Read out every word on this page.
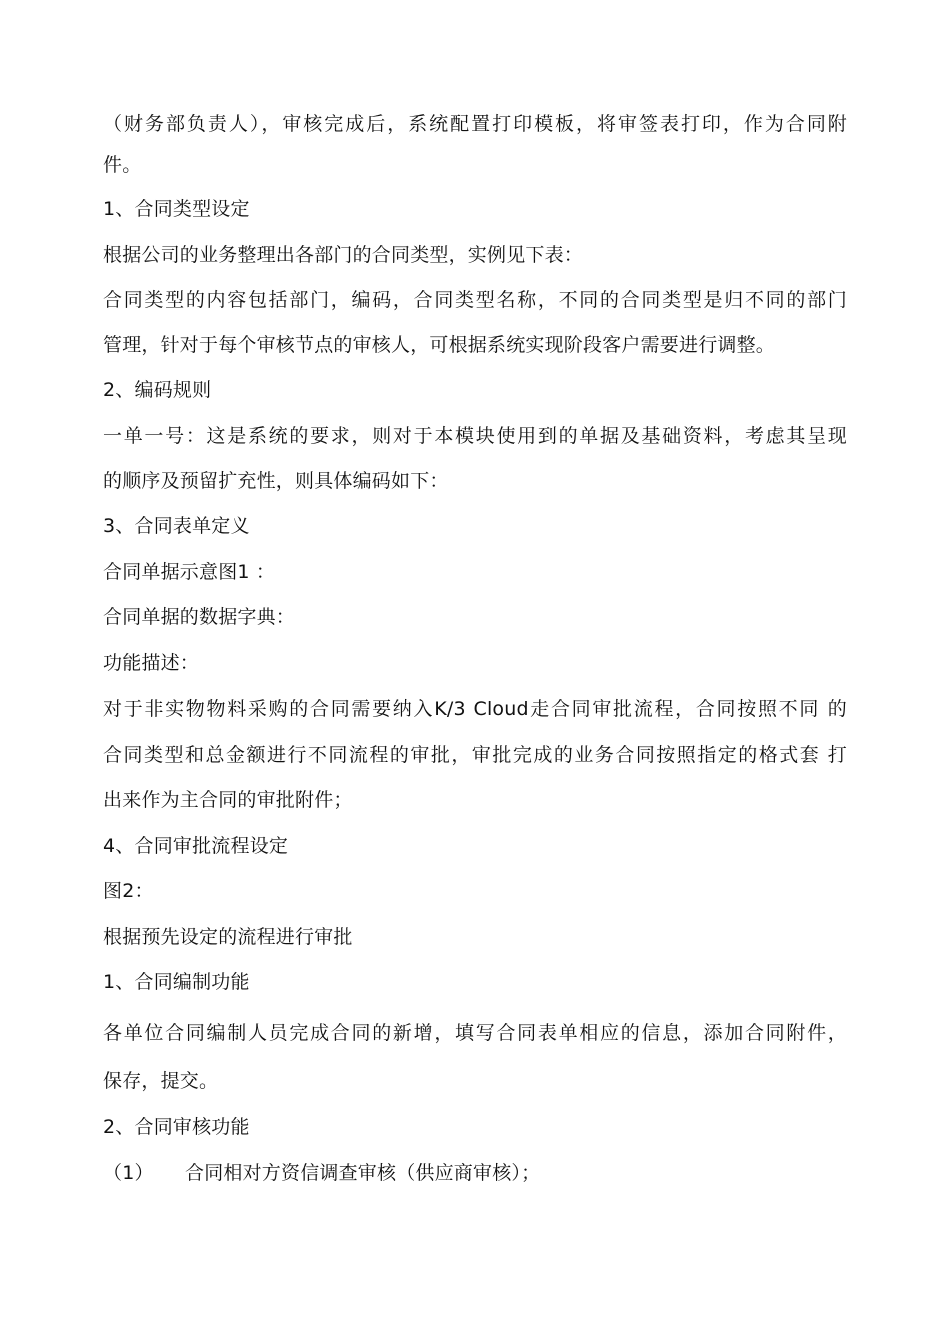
（财务部负责人），审核完成后，系统配置打印模板，将审签表打印，作为合同附
件。
1、合同类型设定
根据公司的业务整理出各部门的合同类型，实例见下表：
合同类型的内容包括部门，编码，合同类型名称，不同的合同类型是归不同的部门
管理，针对于每个审核节点的审核人，可根据系统实现阶段客户需要进行调整。
2、编码规则
一单一号：这是系统的要求，则对于本模块使用到的单据及基础资料，考虑其呈现
的顺序及预留扩充性，则具体编码如下：
3、合同表单定义
合同单据示意图1 ：
合同单据的数据字典：
功能描述：
对于非实物物料采购的合同需要纳入K/3 Cloud走合同审批流程，合同按照不同 的
合同类型和总金额进行不同流程的审批，审批完成的业务合同按照指定的格式套 打
出来作为主合同的审批附件；
4、合同审批流程设定
图2：
根据预先设定的流程进行审批
1、合同编制功能
各单位合同编制人员完成合同的新增，填写合同表单相应的信息，添加合同附件，
保存，提交。
2、合同审核功能
（1） 合同相对方资信调查审核（供应商审核）；
